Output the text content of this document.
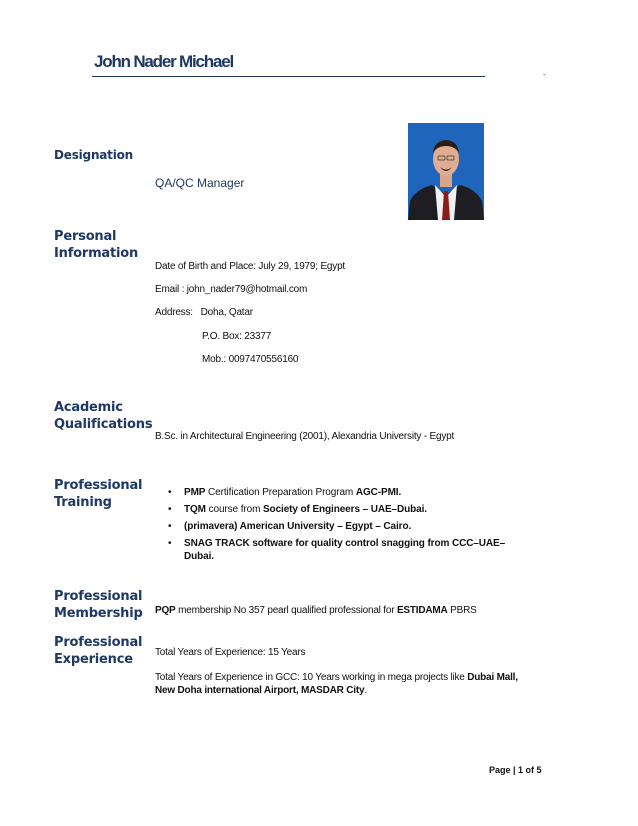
John Nader Michael
-
Designation
QA/QC Manager
Personal
Information
Date of Birth and Place: July 29, 1979; Egypt
Email : john_nader79@hotmail.com
Address:   Doha, Qatar
P.O. Box: 23377
Mob.: 0097470556160
Academic
Qualifications
B.Sc. in Architectural Engineering (2001), Alexandria University - Egypt
Professional
Training
• PMP Certification Preparation Program AGC-PMI.
• TQM course from Society of Engineers – UAE–Dubai.
• (primavera) American University – Egypt – Cairo.
• SNAG TRACK software for quality control snagging from CCC–UAE–Dubai.
Professional
Membership PQP membership No 357 pearl qualified professional for ESTIDAMA PBRS
Professional
Experience	Total Years of Experience: 15 Years
Total Years of Experience in GCC: 10 Years working in mega projects like Dubai Mall, New Doha international Airport, MASDAR City.
Page | 1 of 5
